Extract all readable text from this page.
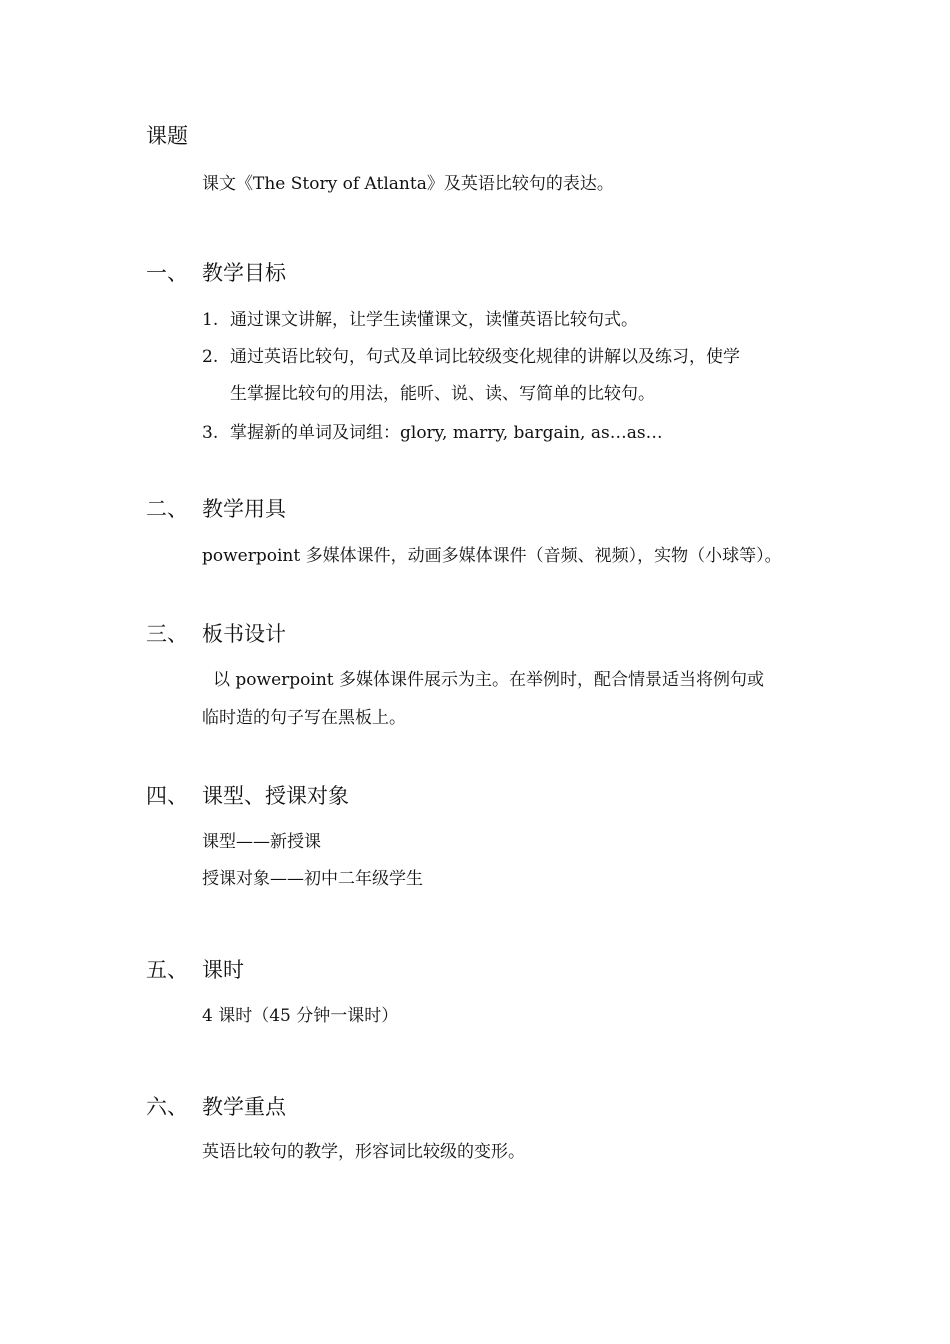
课题
课文《The Story of Atlanta》及英语比较句的表达。
一、 教学目标
1. 通过课文讲解，让学生读懂课文，读懂英语比较句式。
2. 通过英语比较句，句式及单词比较级变化规律的讲解以及练习，使学
生掌握比较句的用法，能听、说、读、写简单的比较句。
3. 掌握新的单词及词组：glory, marry, bargain, as…as…
二、 教学用具
powerpoint 多媒体课件，动画多媒体课件（音频、视频），实物（小球等）。
三、 板书设计
以 powerpoint 多媒体课件展示为主。在举例时，配合情景适当将例句或
临时造的句子写在黑板上。
四、 课型、授课对象
课型——新授课
授课对象——初中二年级学生
五、 课时
4 课时（45 分钟一课时）
六、 教学重点
英语比较句的教学，形容词比较级的变形。
